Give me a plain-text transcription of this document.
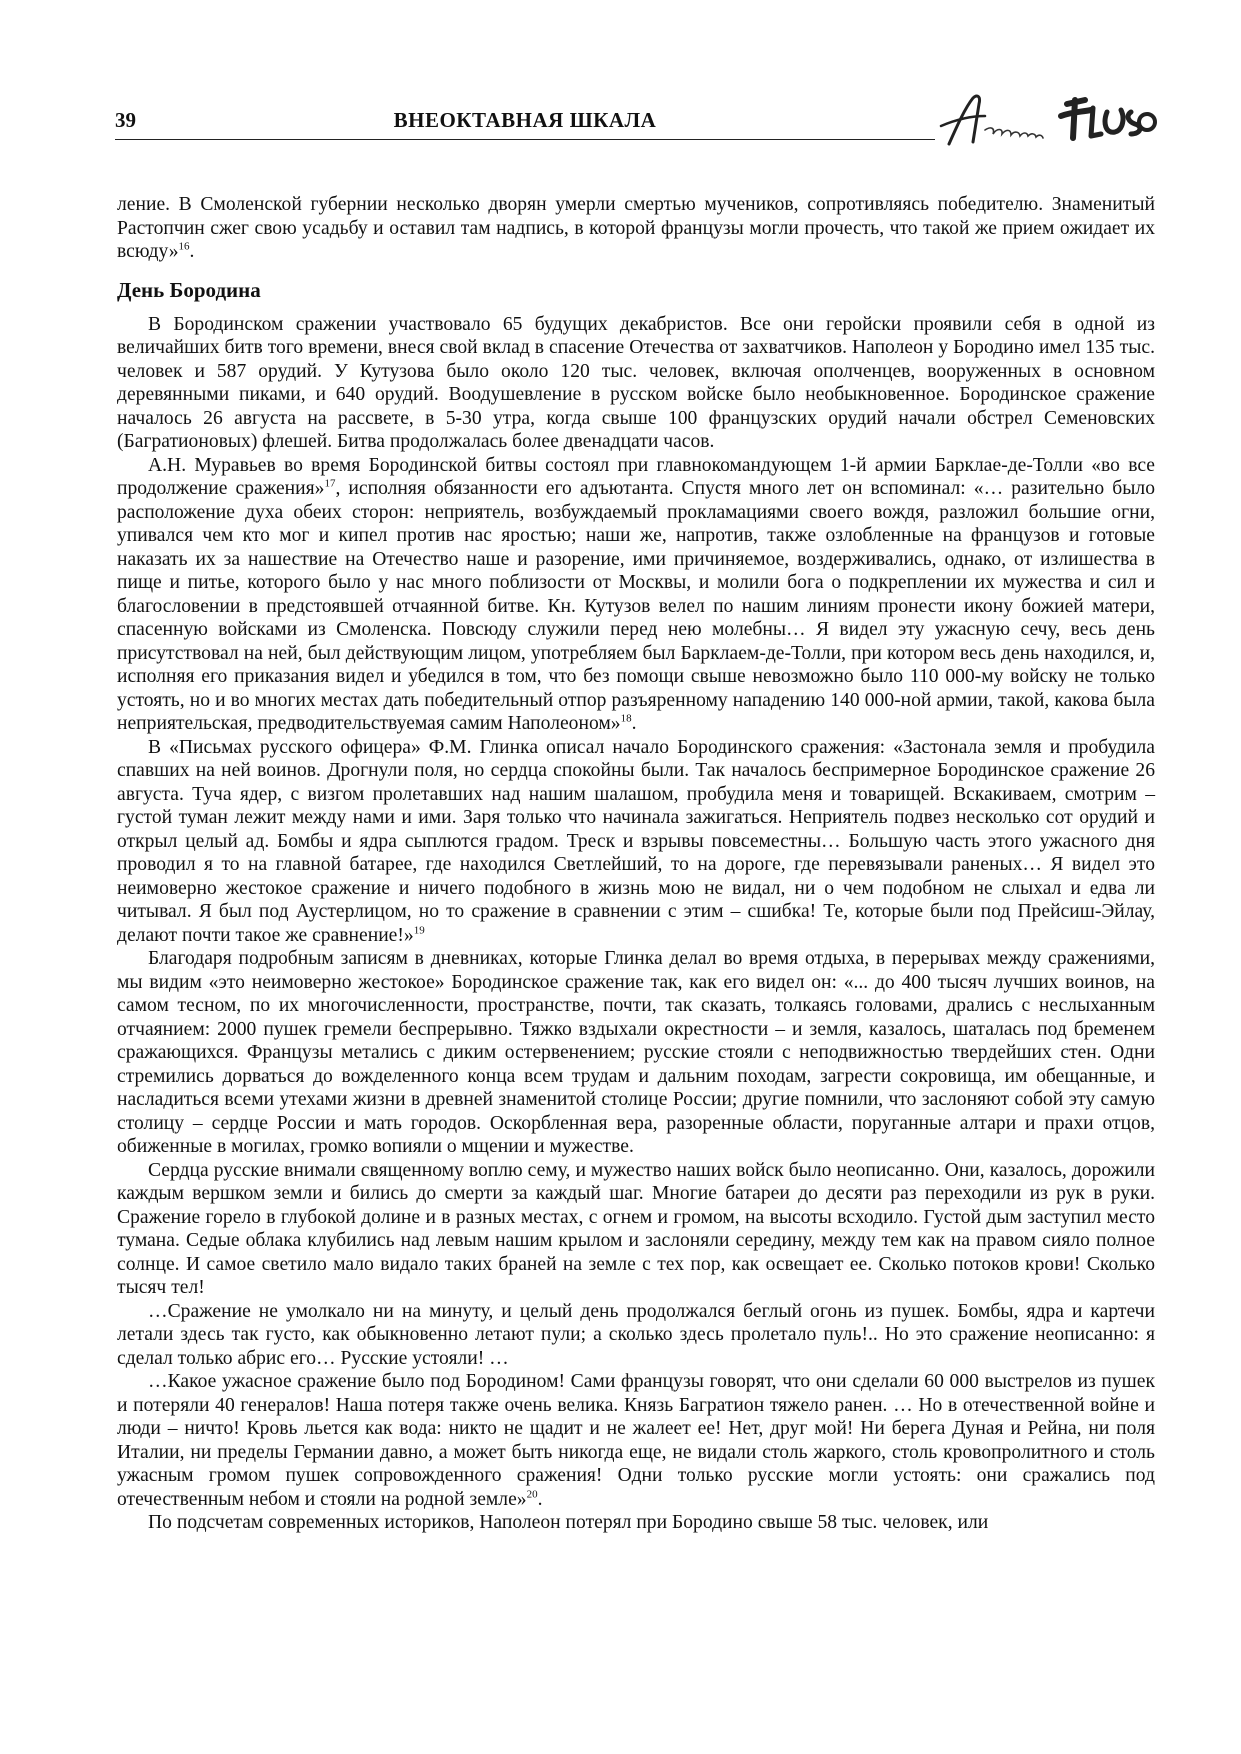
39	ВНЕОКТАВНАЯ ШКАЛА

ление. В Смоленской губернии несколько дворян умерли смертью мучеников, сопротивляясь победителю. Знаменитый Растопчин сжег свою усадьбу и оставил там надпись, в которой французы могли прочесть, что такой же прием ожидает их всюду»$^{16}$.

День Бородина

В Бородинском сражении участвовало 65 будущих декабристов. Все они геройски проявили себя в одной из величайших битв того времени, внеся свой вклад в спасение Отечества от захватчиков. Наполеон у Бородино имел 135 тыс. человек и 587 орудий. У Кутузова было около 120 тыс. человек, включая ополченцев, вооруженных в основном деревянными пиками, и 640 орудий. Воодушевление в русском войске было необыкновенное. Бородинское сражение началось 26 августа на рассвете, в 5-30 утра, когда свыше 100 французских орудий начали обстрел Семеновских (Багратионовых) флешей. Битва продолжалась более двенадцати часов.

А.Н. Муравьев во время Бородинской битвы состоял при главнокомандующем 1-й армии Барклае-де-Толли «во все продолжение сражения»$^{17}$, исполняя обязанности его адъютанта. Спустя много лет он вспоминал: «… разительно было расположение духа обеих сторон: неприятель, возбуждаемый прокламациями своего вождя, разложил большие огни, упивался чем кто мог и кипел против нас яростью; наши же, напротив, также озлобленные на французов и готовые наказать их за нашествие на Отечество наше и разорение, ими причиняемое, воздерживались, однако, от излишества в пище и питье, которого было у нас много поблизости от Москвы, и молили бога о подкреплении их мужества и сил и благословении в предстоявшей отчаянной битве. Кн. Кутузов велел по нашим линиям пронести икону божией матери, спасенную войсками из Смоленска. Повсюду служили перед нею молебны… Я видел эту ужасную сечу, весь день присутствовал на ней, был действующим лицом, употребляем был Барклаем-де-Толли, при котором весь день находился, и, исполняя его приказания видел и убедился в том, что без помощи свыше невозможно было 110 000-му войску не только устоять, но и во многих местах дать победительный отпор разъяренному нападению 140 000-ной армии, такой, какова была неприятельская, предводительствуемая самим Наполеоном»$^{18}$.

В «Письмах русского офицера» Ф.М. Глинка описал начало Бородинского сражения: «Застонала земля и пробудила спавших на ней воинов. Дрогнули поля, но сердца спокойны были. Так началось беспримерное Бородинское сражение 26 августа. Туча ядер, с визгом пролетавших над нашим шалашом, пробудила меня и товарищей. Вскакиваем, смотрим – густой туман лежит между нами и ими. Заря только что начинала зажигаться. Неприятель подвез несколько сот орудий и открыл целый ад. Бомбы и ядра сыплются градом. Треск и взрывы повсеместны… Большую часть этого ужасного дня проводил я то на главной батарее, где находился Светлейший, то на дороге, где перевязывали раненых… Я видел это неимоверно жестокое сражение и ничего подобного в жизнь мою не видал, ни о чем подобном не слыхал и едва ли читывал. Я был под Аустерлицом, но то сражение в сравнении с этим – сшибка! Те, которые были под Прейсиш-Эйлау, делают почти такое же сравнение!»$^{19}$

Благодаря подробным записям в дневниках, которые Глинка делал во время отдыха, в перерывах между сражениями, мы видим «это неимоверно жестокое» Бородинское сражение так, как его видел он: «... до 400 тысяч лучших воинов, на самом тесном, по их многочисленности, пространстве, почти, так сказать, толкаясь головами, дрались с неслыханным отчаянием: 2000 пушек гремели беспрерывно. Тяжко вздыхали окрестности – и земля, казалось, шаталась под бременем сражающихся. Французы метались с диким остервенением; русские стояли с неподвижностью твердейших стен. Одни стремились дорваться до вожделенного конца всем трудам и дальним походам, загрести сокровища, им обещанные, и насладиться всеми утехами жизни в древней знаменитой столице России; другие помнили, что заслоняют собой эту самую столицу – сердце России и мать городов. Оскорбленная вера, разоренные области, поруганные алтари и прахи отцов, обиженные в могилах, громко вопияли о мщении и мужестве.

Сердца русские внимали священному воплю сему, и мужество наших войск было неописанно. Они, казалось, дорожили каждым вершком земли и бились до смерти за каждый шаг. Многие батареи до десяти раз переходили из рук в руки. Сражение горело в глубокой долине и в разных местах, с огнем и громом, на высоты всходило. Густой дым заступил место тумана. Седые облака клубились над левым нашим крылом и заслоняли середину, между тем как на правом сияло полное солнце. И самое светило мало видало таких браней на земле с тех пор, как освещает ее. Сколько потоков крови! Сколько тысяч тел!

…Сражение не умолкало ни на минуту, и целый день продолжался беглый огонь из пушек. Бомбы, ядра и картечи летали здесь так густо, как обыкновенно летают пули; а сколько здесь пролетало пуль!.. Но это сражение неописанно: я сделал только абрис его… Русские устояли! …

…Какое ужасное сражение было под Бородином! Сами французы говорят, что они сделали 60 000 выстрелов из пушек и потеряли 40 генералов! Наша потеря также очень велика. Князь Багратион тяжело ранен. … Но в отечественной войне и люди – ничто! Кровь льется как вода: никто не щадит и не жалеет ее! Нет, друг мой! Ни берега Дуная и Рейна, ни поля Италии, ни пределы Германии давно, а может быть никогда еще, не видали столь жаркого, столь кровопролитного и столь ужасным громом пушек сопровожденного сражения! Одни только русские могли устоять: они сражались под отечественным небом и стояли на родной земле»$^{20}$.

По подсчетам современных историков, Наполеон потерял при Бородино свыше 58 тыс. человек, или
